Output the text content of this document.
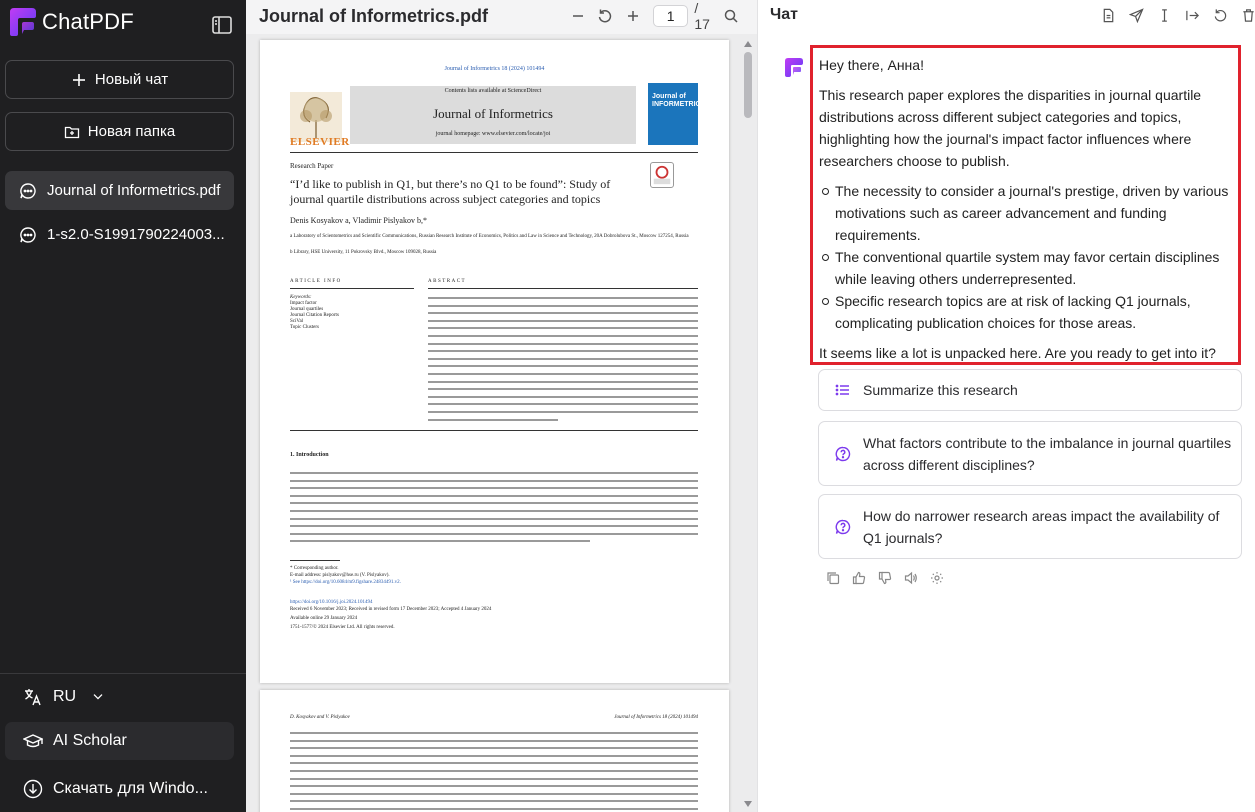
ChatPDF
Новый чат
Новая папка
Journal of Informetrics.pdf
1-s2.0-S1991790224003...
RU
AI Scholar
Скачать для Windo...
Journal of Informetrics.pdf	1	/ 17
Journal of Informetrics 18 (2024) 101494
ELSEVIER
Contents lists available at ScienceDirect
Journal of Informetrics
journal homepage: www.elsevier.com/locate/joi
Journal of INFORMETRICS
Research Paper
“I’d like to publish in Q1, but there’s no Q1 to be found”: Study of journal quartile distributions across subject categories and topics
Denis Kosyakov a, Vladimir Pislyakov b,*
a Laboratory of Scientometrics and Scientific Communications, Russian Research Institute of Economics, Politics and Law in Science and Technology, 20A Dobrolubova St., Moscow 127254, Russia
b Library, HSE University, 11 Pokrovsky Blvd., Moscow 109028, Russia
ARTICLE INFO	ABSTRACT
Keywords:
Impact factor
Journal quartiles
Journal Citation Reports
SciVal
Topic Clusters
1. Introduction
* Corresponding author.
E-mail address: pislyakov@hse.ru (V. Pislyakov).
¹ See https://doi.org/10.6084/m9.figshare.24834491.v2.
https://doi.org/10.1016/j.joi.2024.101494
Received 6 November 2023; Received in revised form 17 December 2023; Accepted 4 January 2024
Available online 29 January 2024
1751-1577/© 2024 Elsevier Ltd. All rights reserved.
D. Kosyakov and V. Pislyakov	Journal of Informetrics 18 (2024) 101494
Чат

Hey there, Анна!

This research paper explores the disparities in journal quartile distributions across different subject categories and topics, highlighting how the journal's impact factor influences where researchers choose to publish.

The necessity to consider a journal's prestige, driven by various motivations such as career advancement and funding requirements.
The conventional quartile system may favor certain disciplines while leaving others underrepresented.
Specific research topics are at risk of lacking Q1 journals, complicating publication choices for those areas.

It seems like a lot is unpacked here. Are you ready to get into it?

Summarize this research
What factors contribute to the imbalance in journal quartiles across different disciplines?
How do narrower research areas impact the availability of Q1 journals?
